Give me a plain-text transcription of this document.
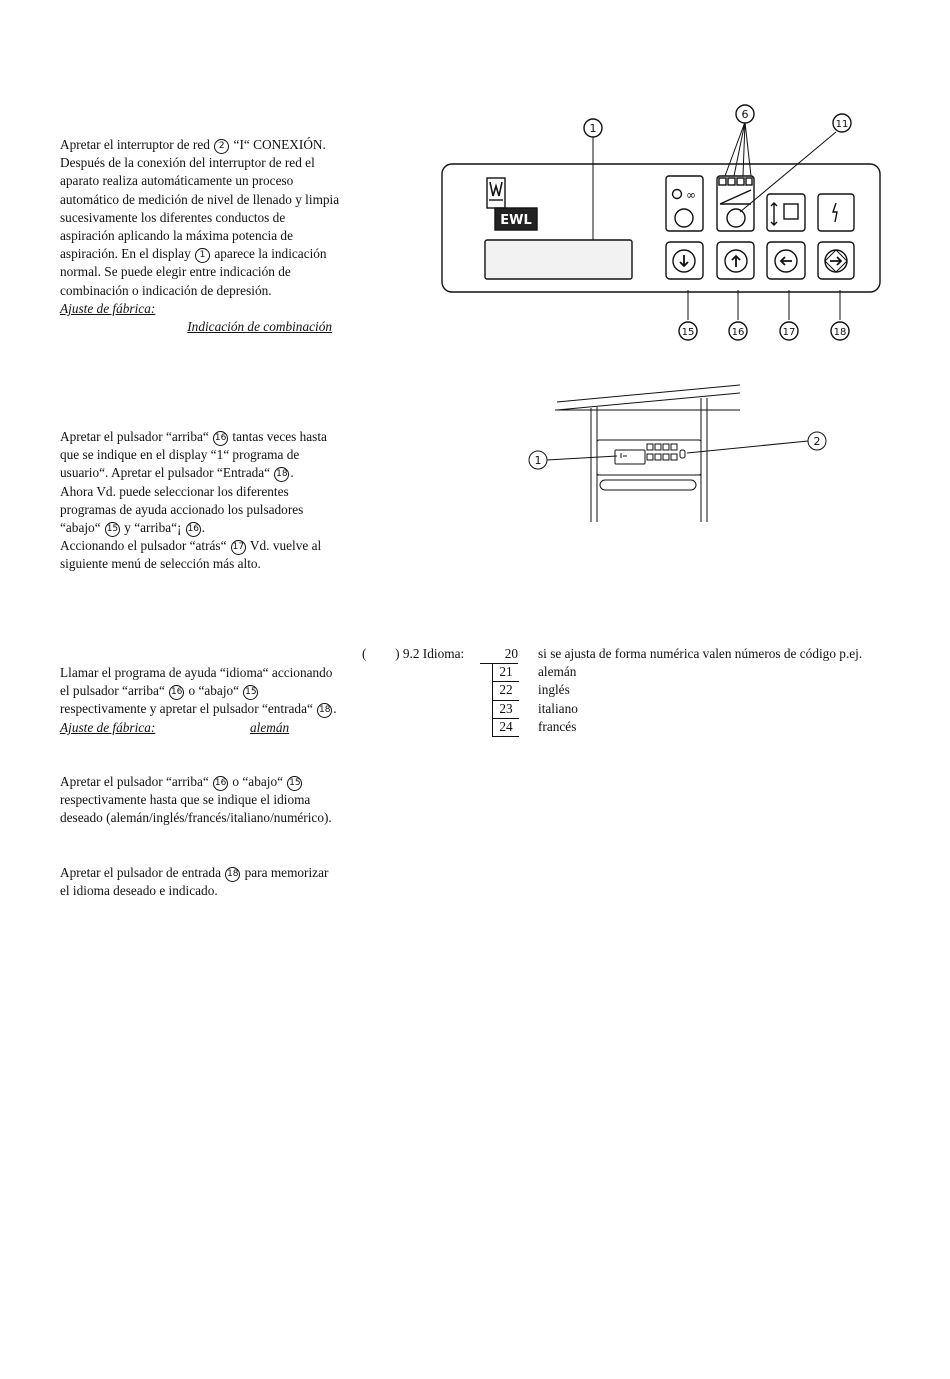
Apretar el interruptor de red 2 “I“ CONEXIÓN. Después de la conexión del interruptor de red el aparato realiza automáticamente un proceso automático de medición de nivel de llenado y limpia sucesivamente los diferentes conductos de aspiración aplicando la máxima potencia de aspiración. En el display 1 aparece la indicación normal. Se puede elegir entre indicación de combinación o indicación de depresión.

Ajuste de fábrica:
Indicación de combinación

Apretar el pulsador “arriba“ 16 tantas veces hasta que se indique en el display “1“ programa de usuario“. Apretar el pulsador “Entrada“ 18 .

Ahora Vd. puede seleccionar los diferentes programas de ayuda accionado los pulsadores “abajo“ 15 y “arriba“¡ 16 .

Accionando el pulsador “atrás“ 17 Vd. vuelve al siguiente menú de selección más alto.

Llamar el programa de ayuda “idioma“ accionando el pulsador “arriba“ 16 o “abajo“ 15 respectivamente y apretar el pulsador “entrada“ 18 .

Ajuste de fábrica:	alemán

Apretar el pulsador “arriba“ 16 o “abajo“ 15 respectivamente hasta que se indique el idioma deseado (alemán/inglés/francés/italiano/numérico).

Apretar el pulsador de entrada 18 para memorizar el idioma deseado e indicado.

EWL
∞
1
6
11
15	16	17	18
1
2
( ) 9.2 Idioma:	20 si se ajusta de forma numérica valen números de código p.ej.
21	alemán
22	inglés
23	italiano
24	francés
